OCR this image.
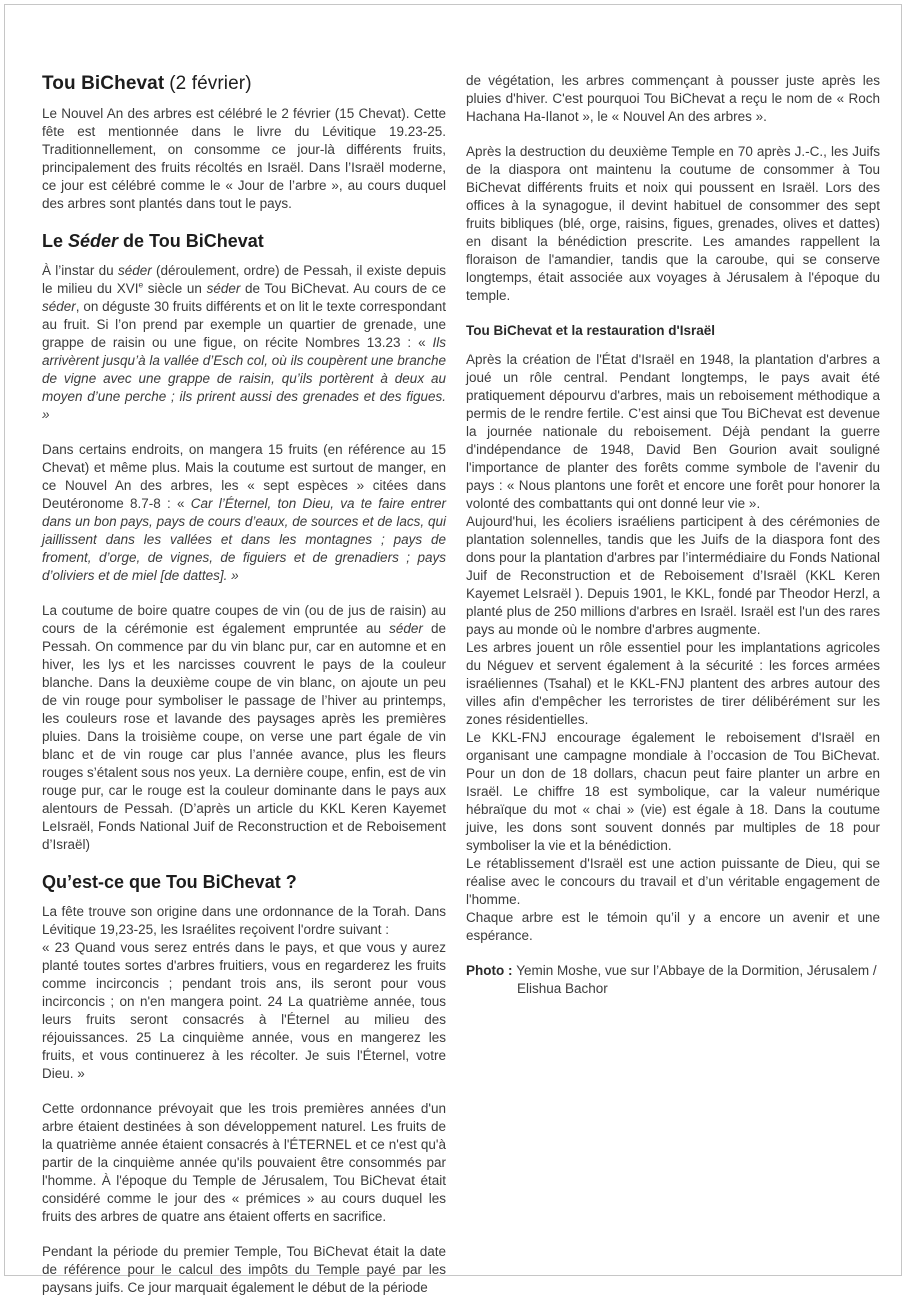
Tou BiChevat (2 février)

Le Nouvel An des arbres est célébré le 2 février (15 Chevat). Cette fête est mentionnée dans le livre du Lévitique 19.23-25. Traditionnellement, on consomme ce jour-là différents fruits, principalement des fruits récoltés en Israël. Dans l’Israël moderne, ce jour est célébré comme le « Jour de l’arbre », au cours duquel des arbres sont plantés dans tout le pays.

Le Séder de Tou BiChevat

À l’instar du séder (déroulement, ordre) de Pessah, il existe depuis le milieu du XVIe siècle un séder de Tou BiChevat. Au cours de ce séder, on déguste 30 fruits différents et on lit le texte correspondant au fruit. Si l’on prend par exemple un quartier de grenade, une grappe de raisin ou une figue, on récite Nombres 13.23 : « Ils arrivèrent jusqu’à la vallée d’Esch col, où ils coupèrent une branche de vigne avec une grappe de raisin, qu’ils portèrent à deux au moyen d’une perche ; ils prirent aussi des grenades et des figues. »

Dans certains endroits, on mangera 15 fruits (en référence au 15 Chevat) et même plus. Mais la coutume est surtout de manger, en ce Nouvel An des arbres, les « sept espèces » citées dans Deutéronome 8.7-8 : « Car l’Éternel, ton Dieu, va te faire entrer dans un bon pays, pays de cours d’eaux, de sources et de lacs, qui jaillissent dans les vallées et dans les montagnes ; pays de froment, d’orge, de vignes, de figuiers et de grenadiers ; pays d’oliviers et de miel [de dattes]. »

La coutume de boire quatre coupes de vin (ou de jus de raisin) au cours de la cérémonie est également empruntée au séder de Pessah. On commence par du vin blanc pur, car en automne et en hiver, les lys et les narcisses couvrent le pays de la couleur blanche. Dans la deuxième coupe de vin blanc, on ajoute un peu de vin rouge pour symboliser le passage de l’hiver au printemps, les couleurs rose et lavande des paysages après les premières pluies. Dans la troisième coupe, on verse une part égale de vin blanc et de vin rouge car plus l’année avance, plus les fleurs rouges s’étalent sous nos yeux. La dernière coupe, enfin, est de vin rouge pur, car le rouge est la couleur dominante dans le pays aux alentours de Pessah. (D’après un article du KKL Keren Kayemet LeIsraël, Fonds National Juif de Reconstruction et de Reboisement d’Israël)

Qu’est-ce que Tou BiChevat ?

La fête trouve son origine dans une ordonnance de la Torah. Dans Lévitique 19,23-25, les Israélites reçoivent l'ordre suivant :
« 23 Quand vous serez entrés dans le pays, et que vous y aurez planté toutes sortes d'arbres fruitiers, vous en regarderez les fruits comme incirconcis ; pendant trois ans, ils seront pour vous incirconcis ; on n'en mangera point. 24 La quatrième année, tous leurs fruits seront consacrés à l'Éternel au milieu des réjouissances. 25 La cinquième année, vous en mangerez les fruits, et vous continuerez à les récolter. Je suis l'Éternel, votre Dieu. »

Cette ordonnance prévoyait que les trois premières années d'un arbre étaient destinées à son développement naturel. Les fruits de la quatrième année étaient consacrés à l'ÉTERNEL et ce n'est qu'à partir de la cinquième année qu'ils pouvaient être consommés par l'homme. À l'époque du Temple de Jérusalem, Tou BiChevat était considéré comme le jour des « prémices » au cours duquel les fruits des arbres de quatre ans étaient offerts en sacrifice.

Pendant la période du premier Temple, Tou BiChevat était la date de référence pour le calcul des impôts du Temple payé par les paysans juifs. Ce jour marquait également le début de la période

de végétation, les arbres commençant à pousser juste après les pluies d'hiver. C'est pourquoi Tou BiChevat a reçu le nom de « Roch Hachana Ha-Ilanot », le « Nouvel An des arbres ».

Après la destruction du deuxième Temple en 70 après J.-C., les Juifs de la diaspora ont maintenu la coutume de consommer à Tou BiChevat différents fruits et noix qui poussent en Israël. Lors des offices à la synagogue, il devint habituel de consommer des sept fruits bibliques (blé, orge, raisins, figues, grenades, olives et dattes) en disant la bénédiction prescrite. Les amandes rappellent la floraison de l'amandier, tandis que la caroube, qui se conserve longtemps, était associée aux voyages à Jérusalem à l'époque du temple.

Tou BiChevat et la restauration d'Israël

Après la création de l'État d'Israël en 1948, la plantation d'arbres a joué un rôle central. Pendant longtemps, le pays avait été pratiquement dépourvu d'arbres, mais un reboisement méthodique a permis de le rendre fertile. C’est ainsi que Tou BiChevat est devenue la journée nationale du reboisement. Déjà pendant la guerre d'indépendance de 1948, David Ben Gourion avait souligné l'importance de planter des forêts comme symbole de l'avenir du pays : « Nous plantons une forêt et encore une forêt pour honorer la volonté des combattants qui ont donné leur vie ».

Aujourd'hui, les écoliers israéliens participent à des cérémonies de plantation solennelles, tandis que les Juifs de la diaspora font des dons pour la plantation d'arbres par l’intermédiaire du Fonds National Juif de Reconstruction et de Reboisement d’Israël (KKL Keren Kayemet LeIsraël ). Depuis 1901, le KKL, fondé par Theodor Herzl, a planté plus de 250 millions d'arbres en Israël. Israël est l'un des rares pays au monde où le nombre d'arbres augmente.

Les arbres jouent un rôle essentiel pour les implantations agricoles du Néguev et servent également à la sécurité : les forces armées israéliennes (Tsahal) et le KKL-FNJ plantent des arbres autour des villes afin d'empêcher les terroristes de tirer délibérément sur les zones résidentielles.

Le KKL-FNJ encourage également le reboisement d'Israël en organisant une campagne mondiale à l’occasion de Tou BiChevat. Pour un don de 18 dollars, chacun peut faire planter un arbre en Israël. Le chiffre 18 est symbolique, car la valeur numérique hébraïque du mot « chai » (vie) est égale à 18. Dans la coutume juive, les dons sont souvent donnés par multiples de 18 pour symboliser la vie et la bénédiction.

Le rétablissement d'Israël est une action puissante de Dieu, qui se réalise avec le concours du travail et d’un véritable engagement de l'homme.

Chaque arbre est le témoin qu’il y a encore un avenir et une espérance.

Photo : Yemin Moshe, vue sur l’Abbaye de la Dormition, Jérusalem / Elishua Bachor
